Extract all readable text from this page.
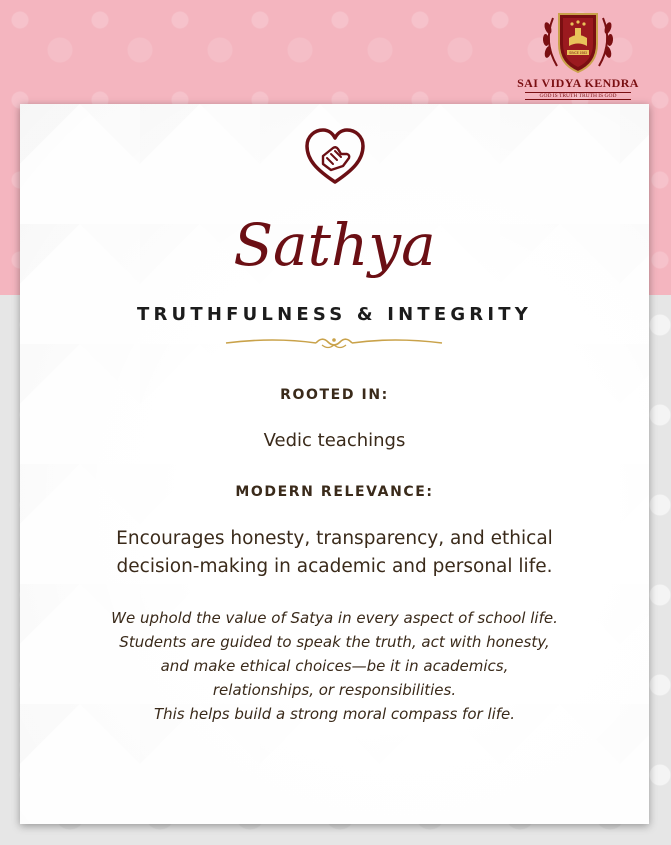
SINCE 1983
SAI VIDYA KENDRA
GOD IS TRUTH TRUTH IS GOD
Sathya
TRUTHFULNESS & INTEGRITY
ROOTED IN:
Vedic teachings
MODERN RELEVANCE:
Encourages honesty, transparency, and ethical
decision-making in academic and personal life.
We uphold the value of Satya in every aspect of school life.
Students are guided to speak the truth, act with honesty,
and make ethical choices—be it in academics,
relationships, or responsibilities.
This helps build a strong moral compass for life.
